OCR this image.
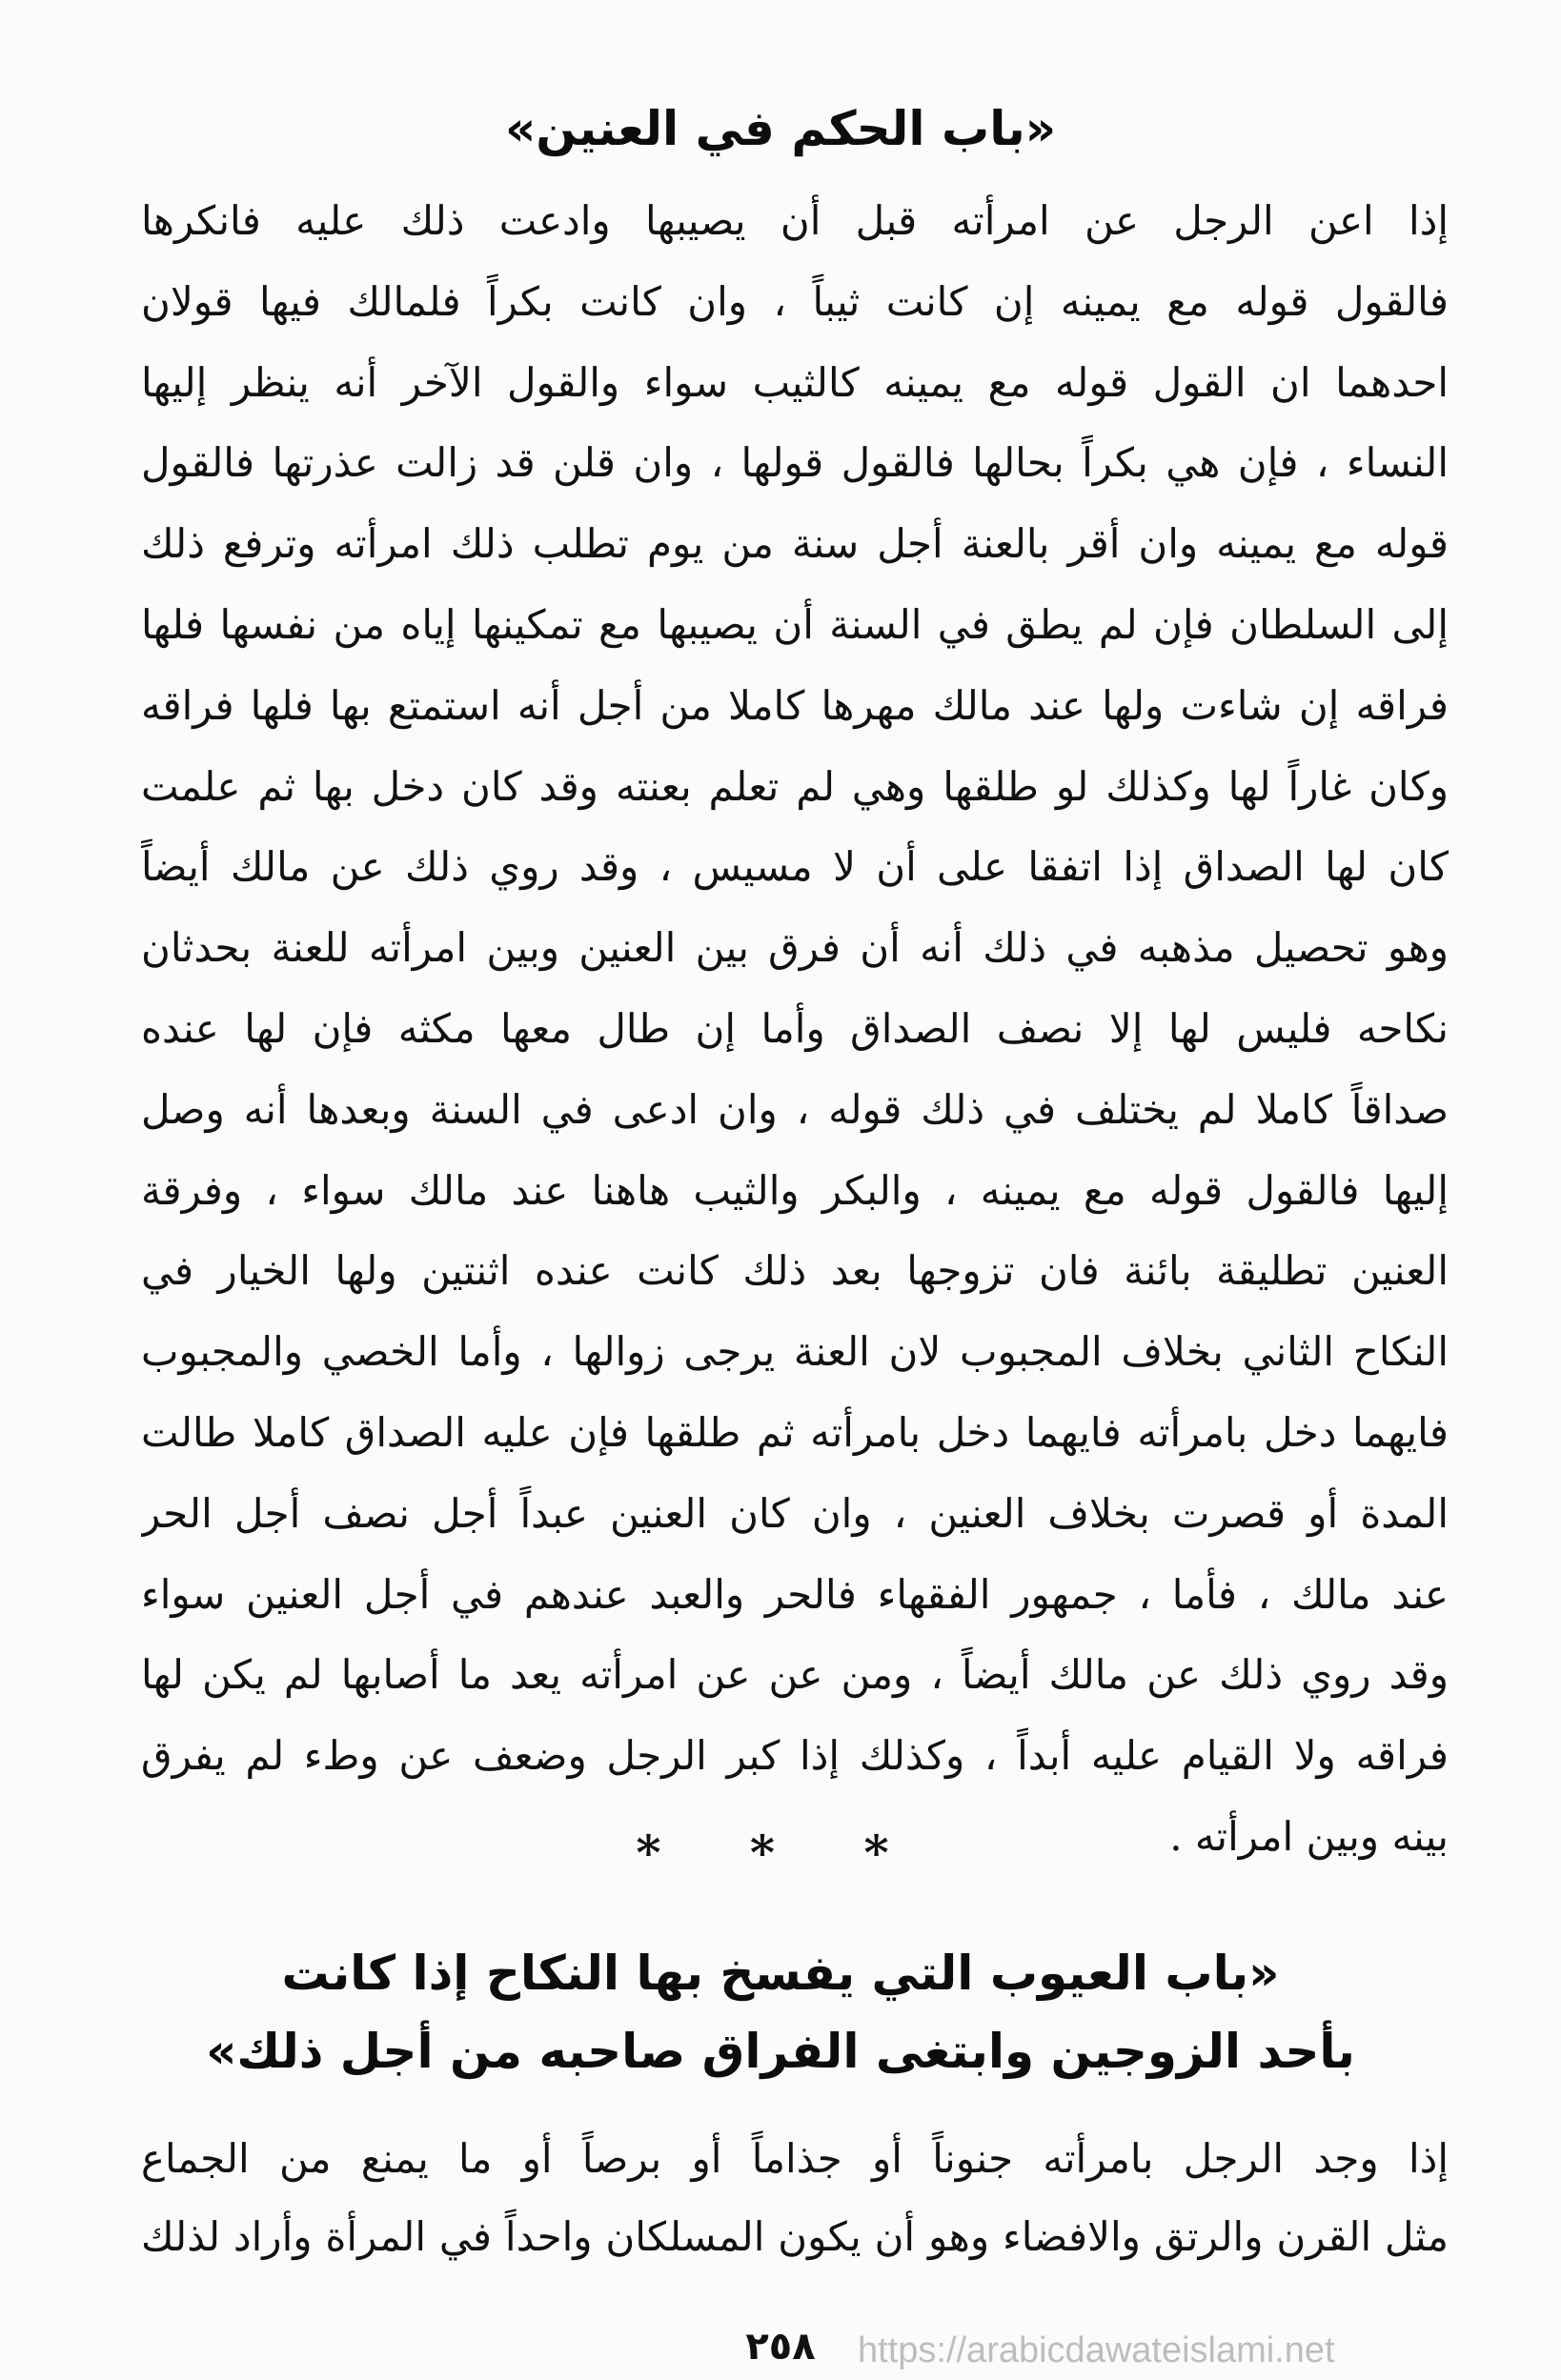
«باب الحكم في العنين»
إذا اعن الرجل عن امرأته قبل أن يصيبها وادعت ذلك عليه فانكرها
فالقول قوله مع يمينه إن كانت ثيباً ، وان كانت بكراً فلمالك فيها قولان
احدهما ان القول قوله مع يمينه كالثيب سواء والقول الآخر أنه ينظر إليها
النساء ، فإن هي بكراً بحالها فالقول قولها ، وان قلن قد زالت عذرتها فالقول
قوله مع يمينه وان أقر بالعنة أجل سنة من يوم تطلب ذلك امرأته وترفع ذلك
إلى السلطان فإن لم يطق في السنة أن يصيبها مع تمكينها إياه من نفسها فلها
فراقه إن شاءت ولها عند مالك مهرها كاملا من أجل أنه استمتع بها فلها فراقه
وكان غاراً لها وكذلك لو طلقها وهي لم تعلم بعنته وقد كان دخل بها ثم علمت
كان لها الصداق إذا اتفقا على أن لا مسيس ، وقد روي ذلك عن مالك أيضاً
وهو تحصيل مذهبه في ذلك أنه أن فرق بين العنين وبين امرأته للعنة بحدثان
نكاحه فليس لها إلا نصف الصداق وأما إن طال معها مكثه فإن لها عنده
صداقاً كاملا لم يختلف في ذلك قوله ، وان ادعى في السنة وبعدها أنه وصل
إليها فالقول قوله مع يمينه ، والبكر والثيب هاهنا عند مالك سواء ، وفرقة
العنين تطليقة بائنة فان تزوجها بعد ذلك كانت عنده اثنتين ولها الخيار في
النكاح الثاني بخلاف المجبوب لان العنة يرجى زوالها ، وأما الخصي والمجبوب
فايهما دخل بامرأته فايهما دخل بامرأته ثم طلقها فإن عليه الصداق كاملا طالت
المدة أو قصرت بخلاف العنين ، وان كان العنين عبداً أجل نصف أجل الحر
عند مالك ، فأما ، جمهور الفقهاء فالحر والعبد عندهم في أجل العنين سواء
وقد روي ذلك عن مالك أيضاً ، ومن عن عن امرأته يعد ما أصابها لم يكن لها
فراقه ولا القيام عليه أبداً ، وكذلك إذا كبر الرجل وضعف عن وطء لم يفرق
بينه وبين امرأته .
* * *
«باب العيوب التي يفسخ بها النكاح إذا كانت
بأحد الزوجين وابتغى الفراق صاحبه من أجل ذلك»
إذا وجد الرجل بامرأته جنوناً أو جذاماً أو برصاً أو ما يمنع من الجماع
مثل القرن والرتق والافضاء وهو أن يكون المسلكان واحداً في المرأة وأراد لذلك
٢٥٨	https://arabicdawateislami.net
